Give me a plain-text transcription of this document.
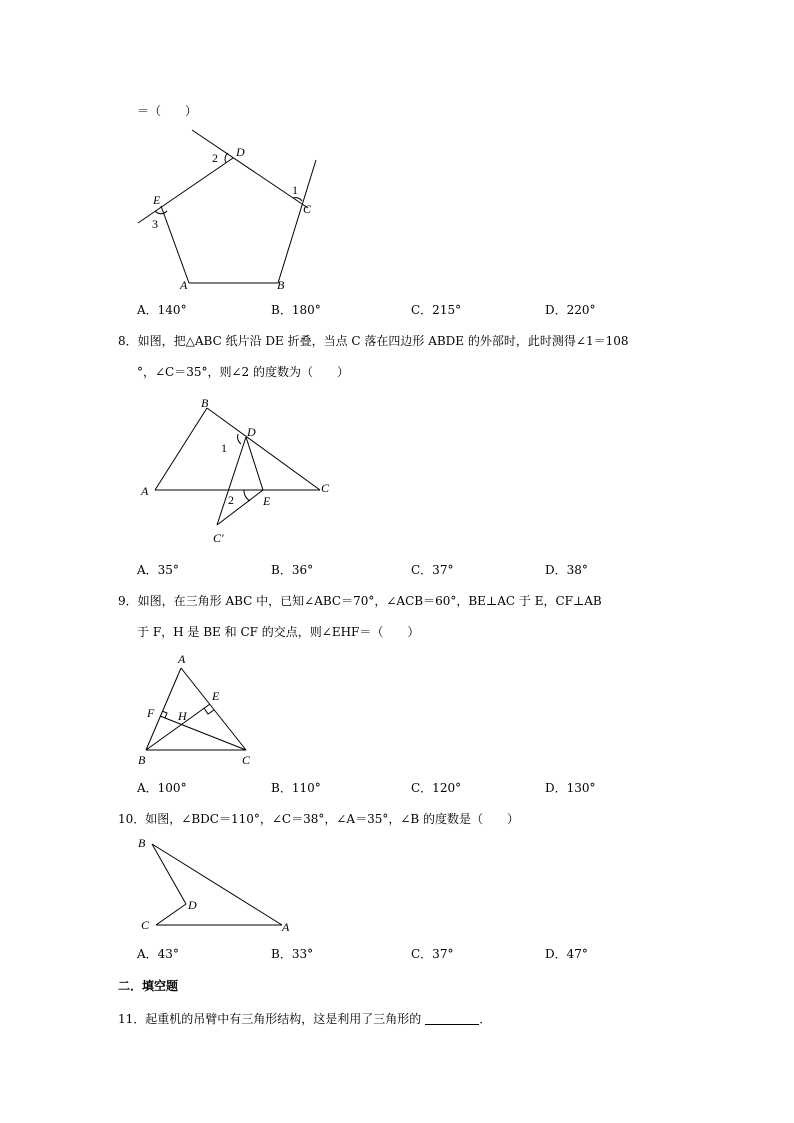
＝（　　）
D
2
1
C
E
3
A	B
A．140°	B．180°	C．215°	D．220°
8．如图，把△ABC 纸片沿 DE 折叠，当点 C 落在四边形 ABDE 的外部时，此时测得∠1＝108
°，∠C＝35°，则∠2 的度数为（　　）
B
D
1
A	C
2 E
C′
A．35°	B．36°	C．37°	D．38°
9．如图，在三角形 ABC 中，已知∠ABC＝70°，∠ACB＝60°，BE⊥AC 于 E，CF⊥AB
于 F，H 是 BE 和 CF 的交点，则∠EHF＝（　　）
A
E
F H
B	C
A．100°	B．110°	C．120°	D．130°
10．如图，∠BDC＝110°，∠C＝38°，∠A＝35°，∠B 的度数是（　　）
B
D
C	A
A．43°	B．33°	C．37°	D．47°
二．填空题
11．起重机的吊臂中有三角形结构，这是利用了三角形的	．
